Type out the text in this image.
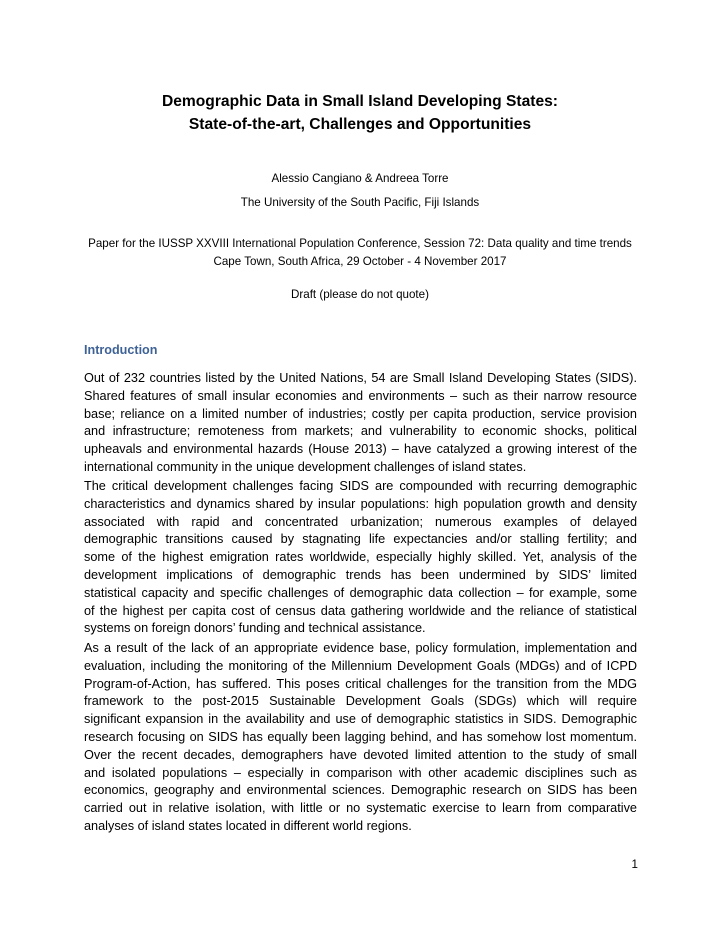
Demographic Data in Small Island Developing States:
State-of-the-art, Challenges and Opportunities
Alessio Cangiano & Andreea Torre
The University of the South Pacific, Fiji Islands
Paper for the IUSSP XXVIII International Population Conference, Session 72: Data quality and time trends
Cape Town, South Africa, 29 October - 4 November 2017
Draft (please do not quote)
Introduction
Out of 232 countries listed by the United Nations, 54 are Small Island Developing States (SIDS).
Shared features of small insular economies and environments – such as their narrow resource
base; reliance on a limited number of industries; costly per capita production, service provision
and infrastructure; remoteness from markets; and vulnerability to economic shocks, political
upheavals and environmental hazards (House 2013) – have catalyzed a growing interest of the
international community in the unique development challenges of island states.
The critical development challenges facing SIDS are compounded with recurring demographic
characteristics and dynamics shared by insular populations: high population growth and density
associated with rapid and concentrated urbanization; numerous examples of delayed
demographic transitions caused by stagnating life expectancies and/or stalling fertility; and
some of the highest emigration rates worldwide, especially highly skilled. Yet, analysis of the
development implications of demographic trends has been undermined by SIDS’ limited
statistical capacity and specific challenges of demographic data collection – for example, some
of the highest per capita cost of census data gathering worldwide and the reliance of statistical
systems on foreign donors’ funding and technical assistance.
As a result of the lack of an appropriate evidence base, policy formulation, implementation and
evaluation, including the monitoring of the Millennium Development Goals (MDGs) and of ICPD
Program-of-Action, has suffered. This poses critical challenges for the transition from the MDG
framework to the post-2015 Sustainable Development Goals (SDGs) which will require
significant expansion in the availability and use of demographic statistics in SIDS. Demographic
research focusing on SIDS has equally been lagging behind, and has somehow lost momentum.
Over the recent decades, demographers have devoted limited attention to the study of small
and isolated populations – especially in comparison with other academic disciplines such as
economics, geography and environmental sciences. Demographic research on SIDS has been
carried out in relative isolation, with little or no systematic exercise to learn from comparative
analyses of island states located in different world regions.
1
